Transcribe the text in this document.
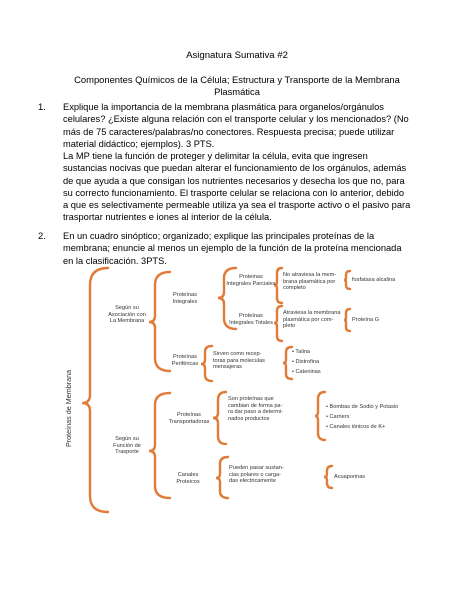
Asignatura Sumativa #2

Componentes Químicos de la Célula; Estructura y Transporte de la Membrana
Plasmática
1. Explique la importancia de la membrana plasmática para organelos/orgánulos
celulares? ¿Existe alguna relación con el transporte celular y los mencionados? (No
más de 75 caracteres/palabras/no conectores. Respuesta precisa; puede utilizar
material didáctico; ejemplos). 3 PTS.
La MP tiene la función de proteger y delimitar la célula, evita que ingresen
sustancias nocivas que puedan alterar el funcionamiento de los orgánulos, además
de que ayuda a que consigan los nutrientes necesarios y desecha los que no, para
su correcto funcionamiento. El trasporte celular se relaciona con lo anterior, debido
a que es selectivamente permeable utiliza ya sea el trasporte activo o el pasivo para
trasportar nutrientes e iones al interior de la célula.
2. En un cuadro sinóptico; organizado; explique las principales proteínas de la
membrana; enuncie al menos un ejemplo de la función de la proteína mencionada
en la clasificación. 3PTS.
Proteínas de Membrana
Según su
Asociación con
La Membrana
Según su
Función de
Trasporte
Proteínas
Integrales
Proteínas
Periféricas
Proteínas
Transportadoras
Canales
Proteicos
Proteinas
Integrales Parciales
Proteínas
Integrales Totales
No atraviesa la mem-
brana plasmática por
completo
Atraviesa la membrana
plasmática por com-
pleto
fosfatasa alcalina
Proteína G
Sirven como recep-
toras para moleculas
mensajeras
• Talina
• Distrofina
• Cateninas
Son proteínas que
cambian de forma pa-
ra dar paso a determi-
nados productos
• Bombas de Sodio y Potasio
• Carriers
• Canales iónicos de K+
Pueden pasar sustan-
cias polares o carga-
das electricamente
Acuaporinas
